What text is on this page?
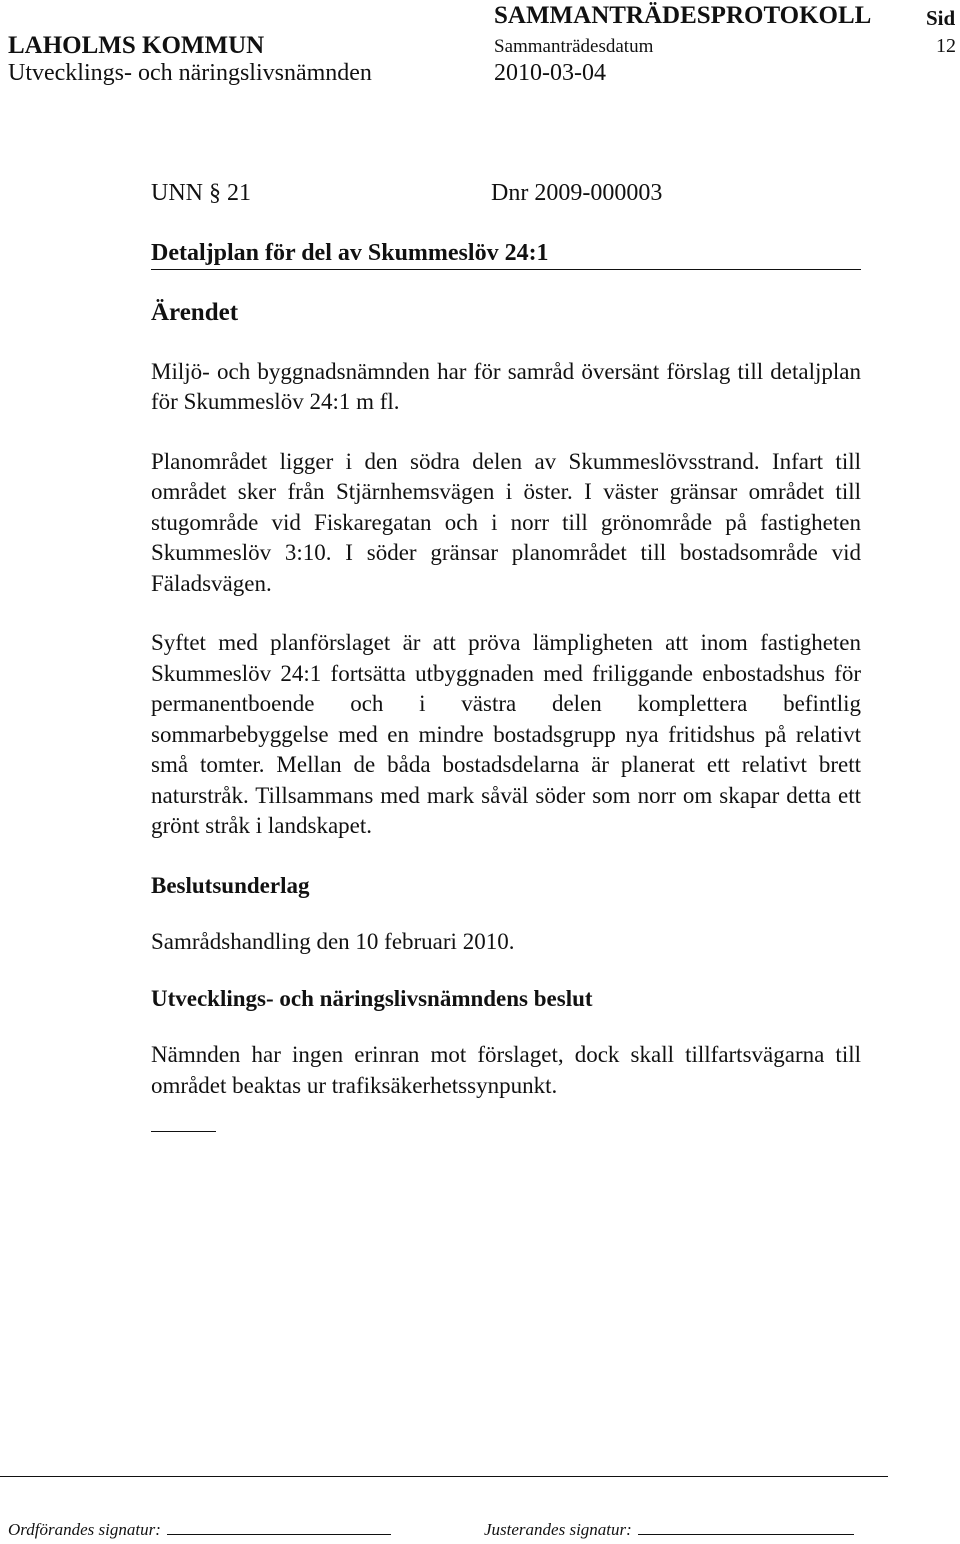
SAMMANTRÄDESPROTOKOLL	Sid
LAHOLMS KOMMUN	Sammanträdesdatum	12
Utvecklings- och näringslivsnämnden	2010-03-04
UNN § 21	Dnr 2009-000003
Detaljplan för del av Skummeslöv 24:1
Ärendet

Miljö- och byggnadsnämnden har för samråd översänt förslag till detaljplan för Skummeslöv 24:1 m fl.

Planområdet ligger i den södra delen av Skummeslövsstrand. Infart till området sker från Stjärnhemsvägen i öster. I väster gränsar området till stugområde vid Fiskaregatan och i norr till grönområde på fastigheten Skummeslöv 3:10. I söder gränsar planområdet till bostadsområde vid Fäladsvägen.

Syftet med planförslaget är att pröva lämpligheten att inom fastigheten Skummeslöv 24:1 fortsätta utbyggnaden med friliggande enbostadshus för permanentboende och i västra delen komplettera befintlig sommarbebyggelse med en mindre bostadsgrupp nya fritidshus på relativt små tomter. Mellan de båda bostadsdelarna är planerat ett relativt brett naturstråk. Tillsammans med mark såväl söder som norr om skapar detta ett grönt stråk i landskapet.

Beslutsunderlag

Samrådshandling den 10 februari 2010.

Utvecklings- och näringslivsnämndens beslut

Nämnden har ingen erinran mot förslaget, dock skall tillfartsvägarna till området beaktas ur trafiksäkerhetssynpunkt.

Ordförandes signatur:	Justerandes signatur:
